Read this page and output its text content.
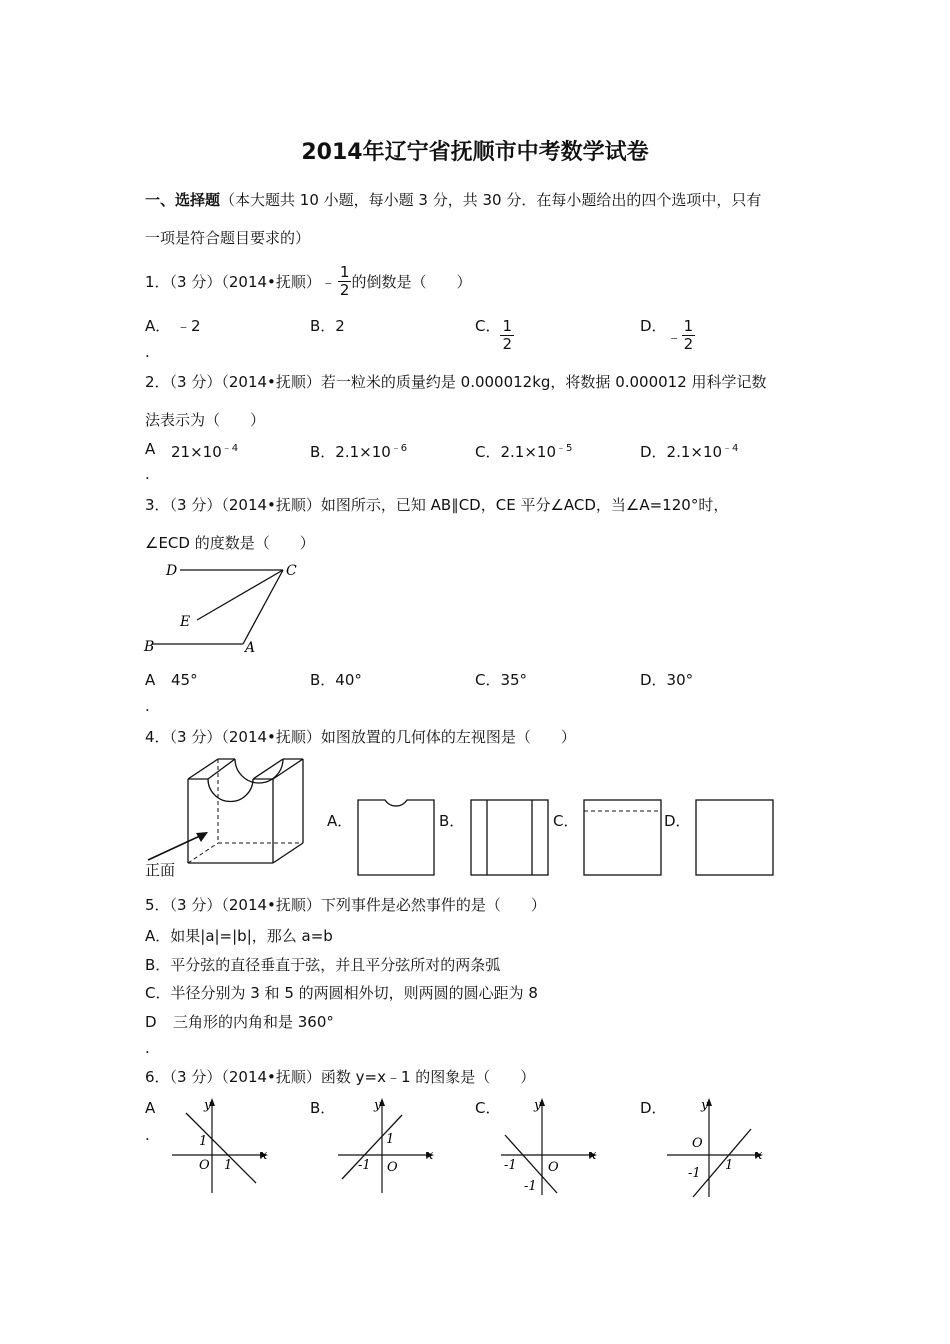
2014年辽宁省抚顺市中考数学试卷
一、选择题（本大题共 10 小题，每小题 3 分，共 30 分．在每小题给出的四个选项中，只有
一项是符合题目要求的）
1．（3 分）（2014•抚顺） ﹣ $\frac{1}{2}$ 的倒数是（　　）
A． ﹣2	B．2	C． $\frac{1}{2}$	D．
﹣ $\frac{1}{2}$
.
2．（3 分）（2014•抚顺）若一粒米的质量约是 0.000012kg，将数据 0.000012 用科学记数
法表示为（　　）
A $21\times 10^{﹣4}$	B．$2.1\times 10^{﹣6}$	C．$2.1\times 10^{﹣5}$	D．$2.1\times 10^{﹣4}$
.
3．（3 分）（2014•抚顺）如图所示，已知 AB∥CD，CE 平分∠ACD，当∠A=120°时，
∠ECD 的度数是（　　）
D	C
E
B	A
A 45°	B．40°	C．35°	D．30°
.
4．（3 分）（2014•抚顺）如图放置的几何体的左视图是（　　）
正面
A．	B．	C．	D．
5．（3 分）（2014•抚顺）下列事件是必然事件的是（　　）
A．如果|a|=|b|，那么 a=b
B．平分弦的直径垂直于弦，并且平分弦所对的两条弧
C．半径分别为 3 和 5 的两圆相外切，则两圆的圆心距为 8
D 三角形的内角和是 360°
.
6．（3 分）（2014•抚顺）函数 y=x﹣1 的图象是（　　）
A
.
y
x
O
1
1
B．	y
x
O
1
-1
C．	y
x
O
-1
-1
D．	y
x
O
-1
1
